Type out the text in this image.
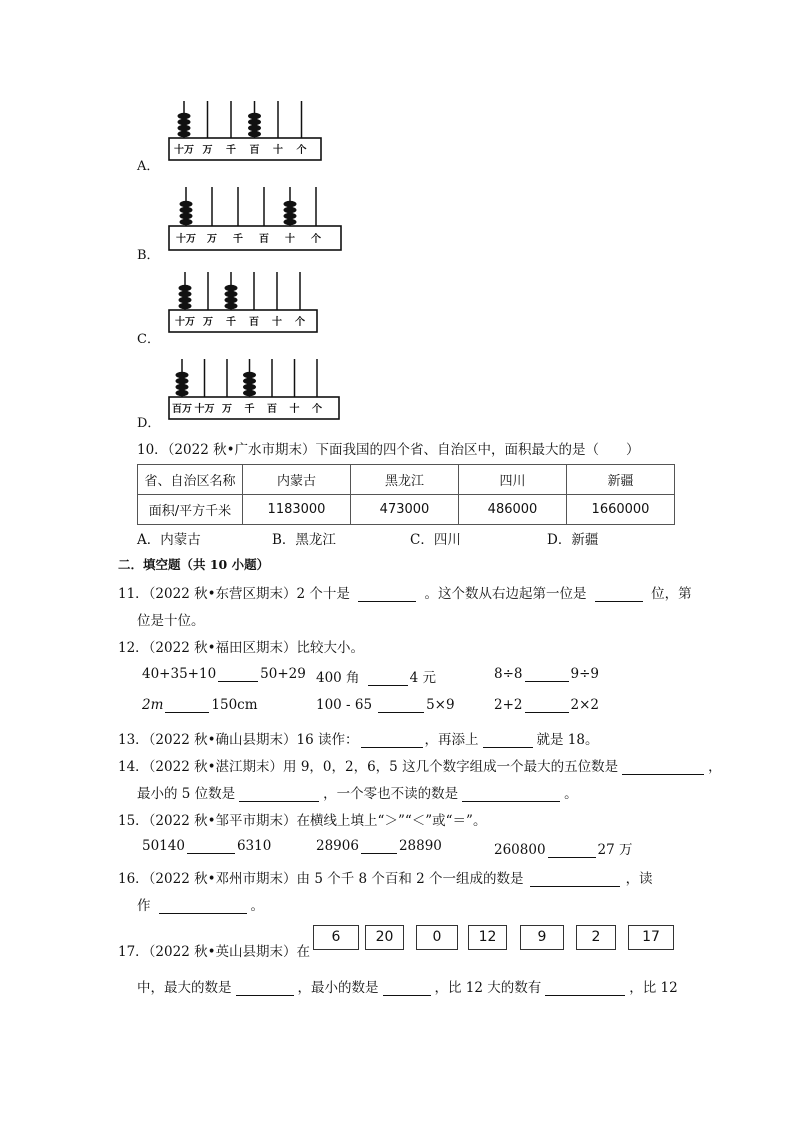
A．
十万 万 千 百 十 个
B．
十万 万 千 百 十 个
C．
十万 万 千 百 十 个
D．
百万 十万 万 千 百 十 个
10．（2022 秋•广水市期末）下面我国的四个省、自治区中，面积最大的是（　　）
省、自治区名称	内蒙古	黑龙江	四川	新疆
面积/平方千米	1183000	473000	486000	1660000
A．内蒙古	B．黑龙江	C．四川	D．新疆
二．填空题（共 10 小题）
11．（2022 秋•东营区期末）2 个十是	。这个数从右边起第一位是	位，第
位是十位。
12．（2022 秋•福田区期末）比较大小。
40+35+10	50+29 400 角	4 元	8÷8	9÷9
2m	150cm	100 - 65	5×9	2+2	2×2
13．（2022 秋•确山县期末）16 读作：	，再添上	就是 18。
14．（2022 秋•湛江期末）用 9，0，2，6，5 这几个数字组成一个最大的五位数是	，
最小的 5 位数是	，一个零也不读的数是	。
15．（2022 秋•邹平市期末）在横线上填上“＞”“＜”或“＝”。
50140	6310	28906	28890	260800	27 万
16．（2022 秋•邓州市期末）由 5 个千 8 个百和 2 个一组成的数是	，读
作	。
17．（2022 秋•英山县期末）在
6	20	0	12	9	2	17
中，最大的数是	，最小的数是	，比 12 大的数有	，比 12
